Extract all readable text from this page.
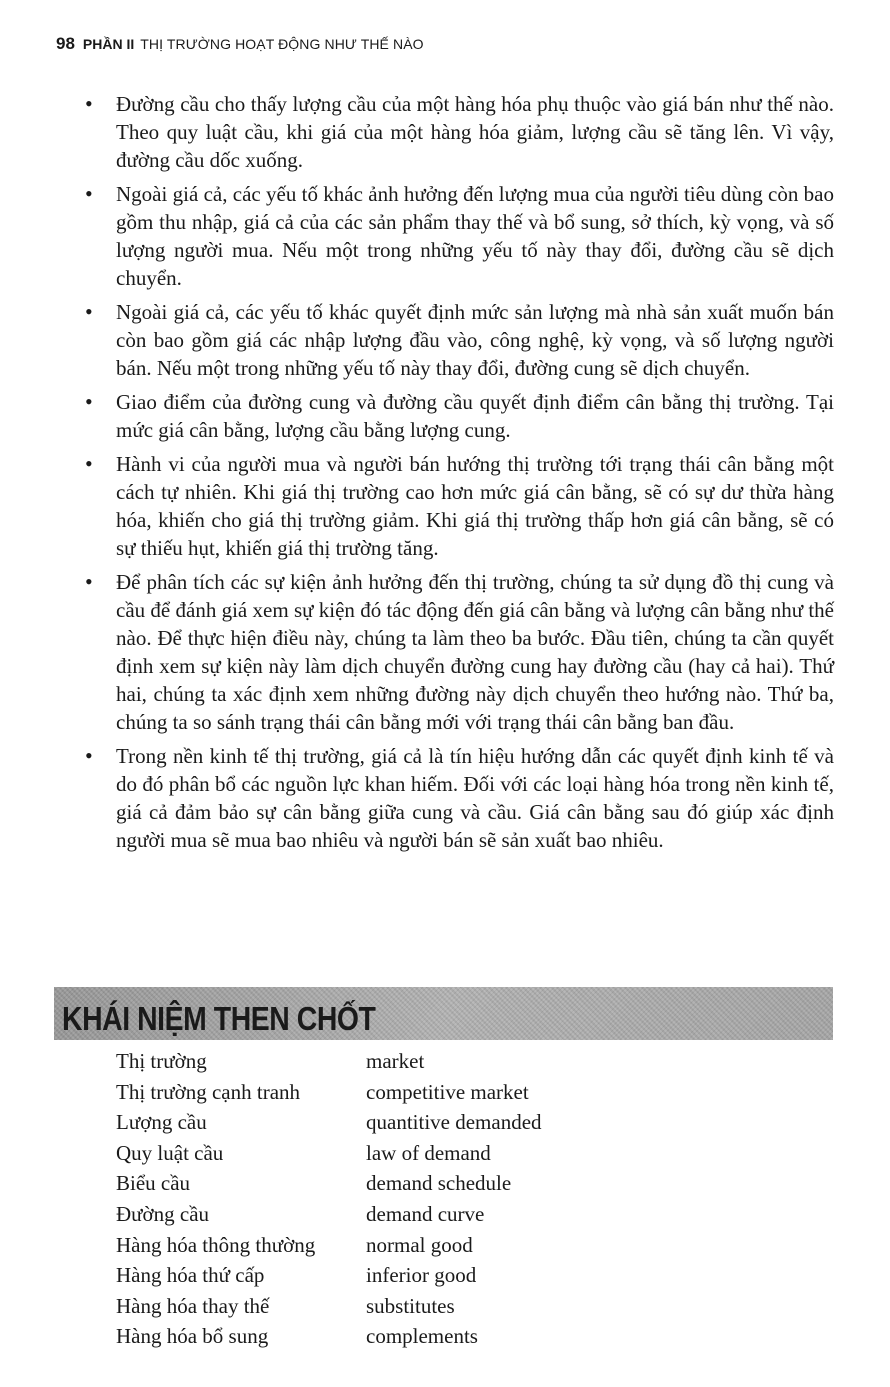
98 PHẦN II THỊ TRƯỜNG HOẠT ĐỘNG NHƯ THẾ NÀO
• Đường cầu cho thấy lượng cầu của một hàng hóa phụ thuộc vào giá bán như thế nào. Theo quy luật cầu, khi giá của một hàng hóa giảm, lượng cầu sẽ tăng lên. Vì vậy, đường cầu dốc xuống.
• Ngoài giá cả, các yếu tố khác ảnh hưởng đến lượng mua của người tiêu dùng còn bao gồm thu nhập, giá cả của các sản phẩm thay thế và bổ sung, sở thích, kỳ vọng, và số lượng người mua. Nếu một trong những yếu tố này thay đổi, đường cầu sẽ dịch chuyển.
• Ngoài giá cả, các yếu tố khác quyết định mức sản lượng mà nhà sản xuất muốn bán còn bao gồm giá các nhập lượng đầu vào, công nghệ, kỳ vọng, và số lượng người bán. Nếu một trong những yếu tố này thay đổi, đường cung sẽ dịch chuyển.
• Giao điểm của đường cung và đường cầu quyết định điểm cân bằng thị trường. Tại mức giá cân bằng, lượng cầu bằng lượng cung.
• Hành vi của người mua và người bán hướng thị trường tới trạng thái cân bằng một cách tự nhiên. Khi giá thị trường cao hơn mức giá cân bằng, sẽ có sự dư thừa hàng hóa, khiến cho giá thị trường giảm. Khi giá thị trường thấp hơn giá cân bằng, sẽ có sự thiếu hụt, khiến giá thị trường tăng.
• Để phân tích các sự kiện ảnh hưởng đến thị trường, chúng ta sử dụng đồ thị cung và cầu để đánh giá xem sự kiện đó tác động đến giá cân bằng và lượng cân bằng như thế nào. Để thực hiện điều này, chúng ta làm theo ba bước. Đầu tiên, chúng ta cần quyết định xem sự kiện này làm dịch chuyển đường cung hay đường cầu (hay cả hai). Thứ hai, chúng ta xác định xem những đường này dịch chuyển theo hướng nào. Thứ ba, chúng ta so sánh trạng thái cân bằng mới với trạng thái cân bằng ban đầu.
• Trong nền kinh tế thị trường, giá cả là tín hiệu hướng dẫn các quyết định kinh tế và do đó phân bổ các nguồn lực khan hiếm. Đối với các loại hàng hóa trong nền kinh tế, giá cả đảm bảo sự cân bằng giữa cung và cầu. Giá cân bằng sau đó giúp xác định người mua sẽ mua bao nhiêu và người bán sẽ sản xuất bao nhiêu.
KHÁI NIỆM THEN CHỐT
Thị trường	market
Thị trường cạnh tranh	competitive market
Lượng cầu	quantitive demanded
Quy luật cầu	law of demand
Biểu cầu	demand schedule
Đường cầu	demand curve
Hàng hóa thông thường	normal good
Hàng hóa thứ cấp	inferior good
Hàng hóa thay thế	substitutes
Hàng hóa bổ sung	complements
